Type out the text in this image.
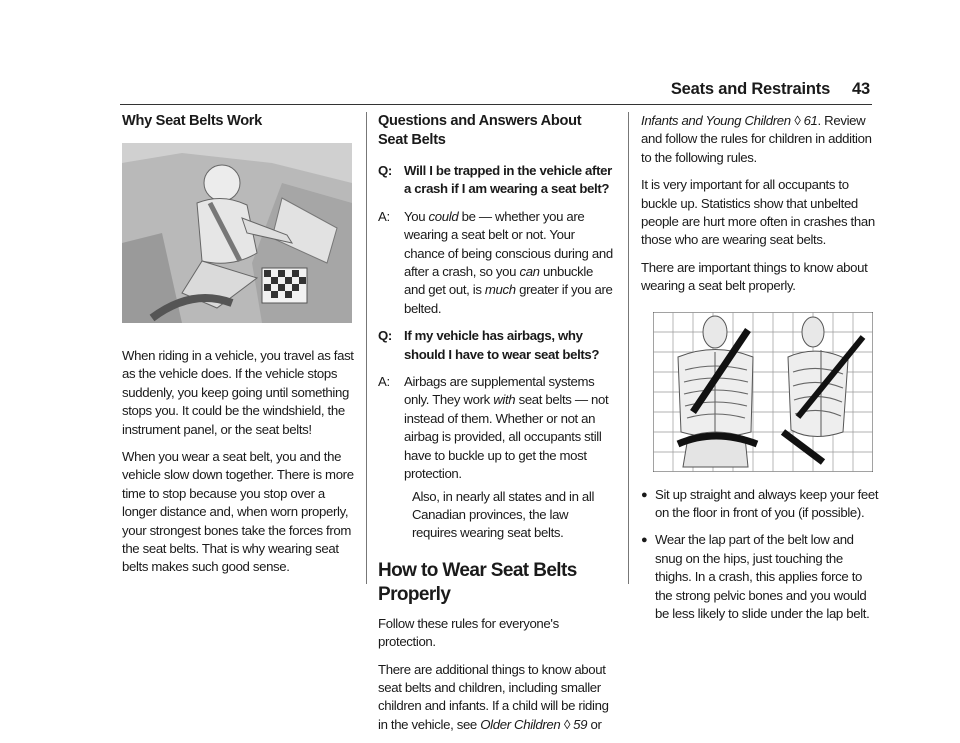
Seats and Restraints 43
Why Seat Belts Work

When riding in a vehicle, you travel as fast as the vehicle does. If the vehicle stops suddenly, you keep going until something stops you. It could be the windshield, the instrument panel, or the seat belts!

When you wear a seat belt, you and the vehicle slow down together. There is more time to stop because you stop over a longer distance and, when worn properly, your strongest bones take the forces from the seat belts. That is why wearing seat belts makes such good sense.

Questions and Answers About Seat Belts
Q: Will I be trapped in the vehicle after a crash if I am wearing a seat belt?
A:	You could be — whether you are wearing a seat belt or not. Your chance of being conscious during and after a crash, so you can unbuckle and get out, is much greater if you are belted.
Q: If my vehicle has airbags, why should I have to wear seat belts?
A:	Airbags are supplemental systems only. They work with seat belts — not instead of them. Whether or not an airbag is provided, all occupants still have to buckle up to get the most protection.
Also, in nearly all states and in all Canadian provinces, the law requires wearing seat belts.
How to Wear Seat Belts Properly

Follow these rules for everyone's protection.

There are additional things to know about seat belts and children, including smaller children and infants. If a child will be riding in the vehicle, see Older Children ◊ 59 or

Infants and Young Children ◊ 61. Review and follow the rules for children in addition to the following rules.

It is very important for all occupants to buckle up. Statistics show that unbelted people are hurt more often in crashes than those who are wearing seat belts.

There are important things to know about wearing a seat belt properly.

● Sit up straight and always keep your feet on the floor in front of you (if possible).
● Wear the lap part of the belt low and snug on the hips, just touching the thighs. In a crash, this applies force to the strong pelvic bones and you would be less likely to slide under the lap belt.
